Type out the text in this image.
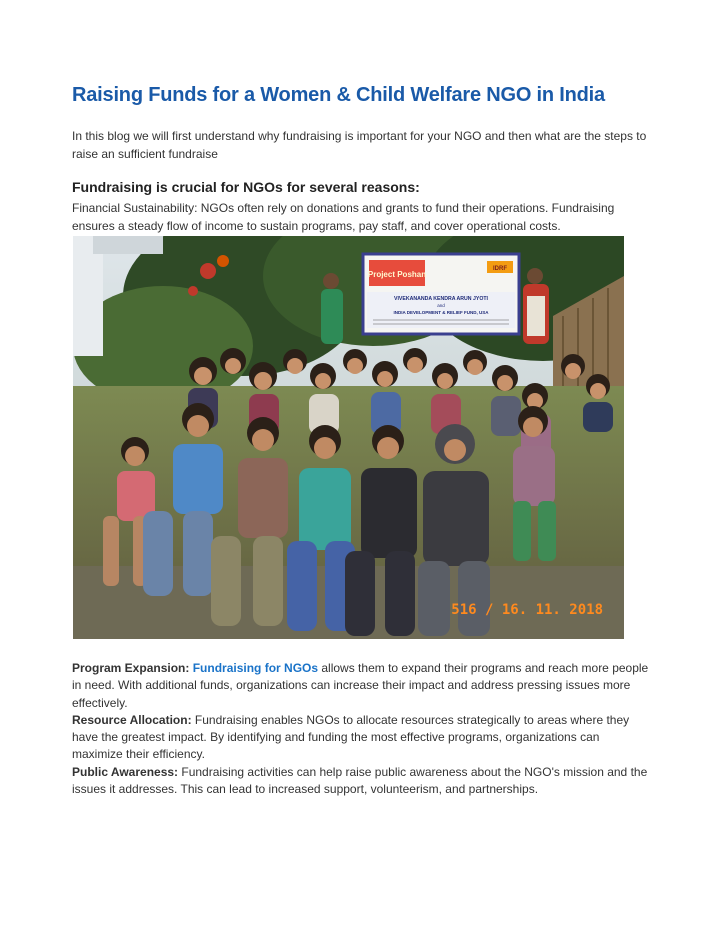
Raising Funds for a Women & Child Welfare NGO in India

In this blog we will first understand why fundraising is important for your NGO and then what are the steps to raise an sufficient fundraise

Fundraising is crucial for NGOs for several reasons:

Financial Sustainability: NGOs often rely on donations and grants to fund their operations. Fundraising ensures a steady flow of income to sustain programs, pay staff, and cover operational costs.

Project Poshan
IDRF
VIVEKANANDA KENDRA ARUN JYOTI
and
INDIA DEVELOPMENT & RELIEF FUND, USA
516 / 16. 11. 2018
Program Expansion: Fundraising for NGOs allows them to expand their programs and reach more people in need. With additional funds, organizations can increase their impact and address pressing issues more effectively.
Resource Allocation: Fundraising enables NGOs to allocate resources strategically to areas where they have the greatest impact. By identifying and funding the most effective programs, organizations can maximize their efficiency.
Public Awareness: Fundraising activities can help raise public awareness about the NGO's mission and the issues it addresses. This can lead to increased support, volunteerism, and partnerships.
